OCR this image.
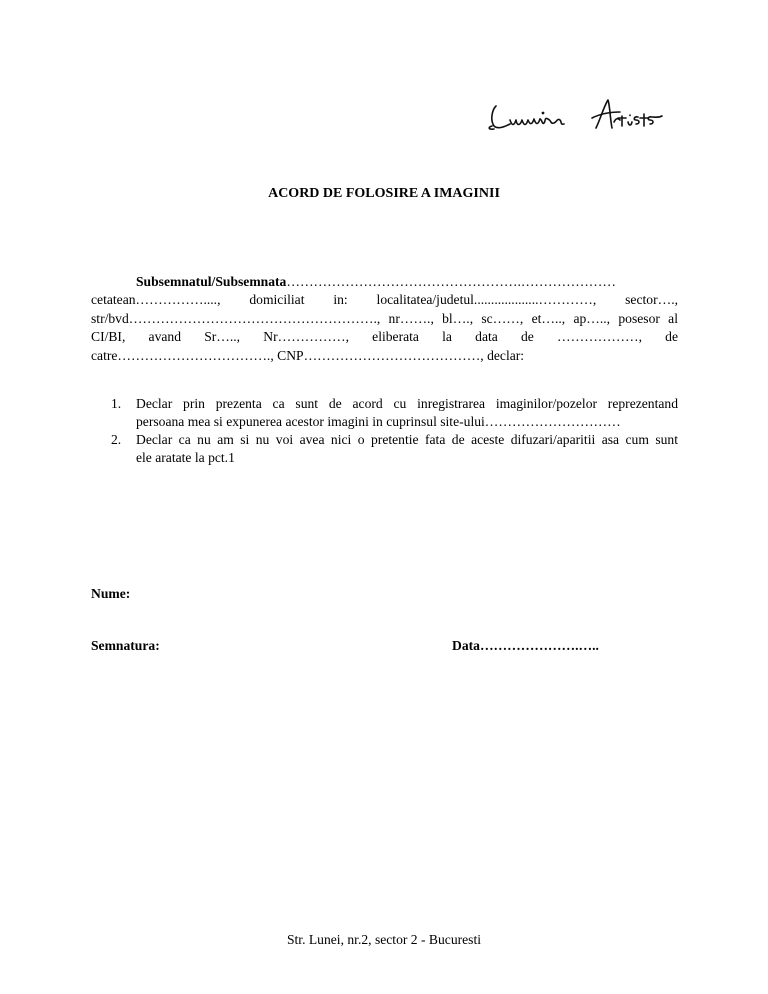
ACORD DE FOLOSIRE A IMAGINII
Subsemnatul/Subsemnata…………………………………………….…………………
cetatean……………...., domiciliat in: localitatea/judetul...................…………, sector….,
str/bvd………………………………………………., nr……., bl…., sc……, et….., ap….., posesor al
CI/BI, avand Sr….., Nr……………, eliberata la data de ………………, de
catre……………………………., CNP…………………………………, declar:
1. Declar prin prezenta ca sunt de acord cu inregistrarea imaginilor/pozelor reprezentand
persoana mea si expunerea acestor imagini in cuprinsul site-ului…………………………
2. Declar ca nu am si nu voi avea nici o pretentie fata de aceste difuzari/aparitii asa cum sunt
ele aratate la pct.1
Nume:
Semnatura:	Data………………….…..
Str. Lunei, nr.2, sector 2 - Bucuresti
